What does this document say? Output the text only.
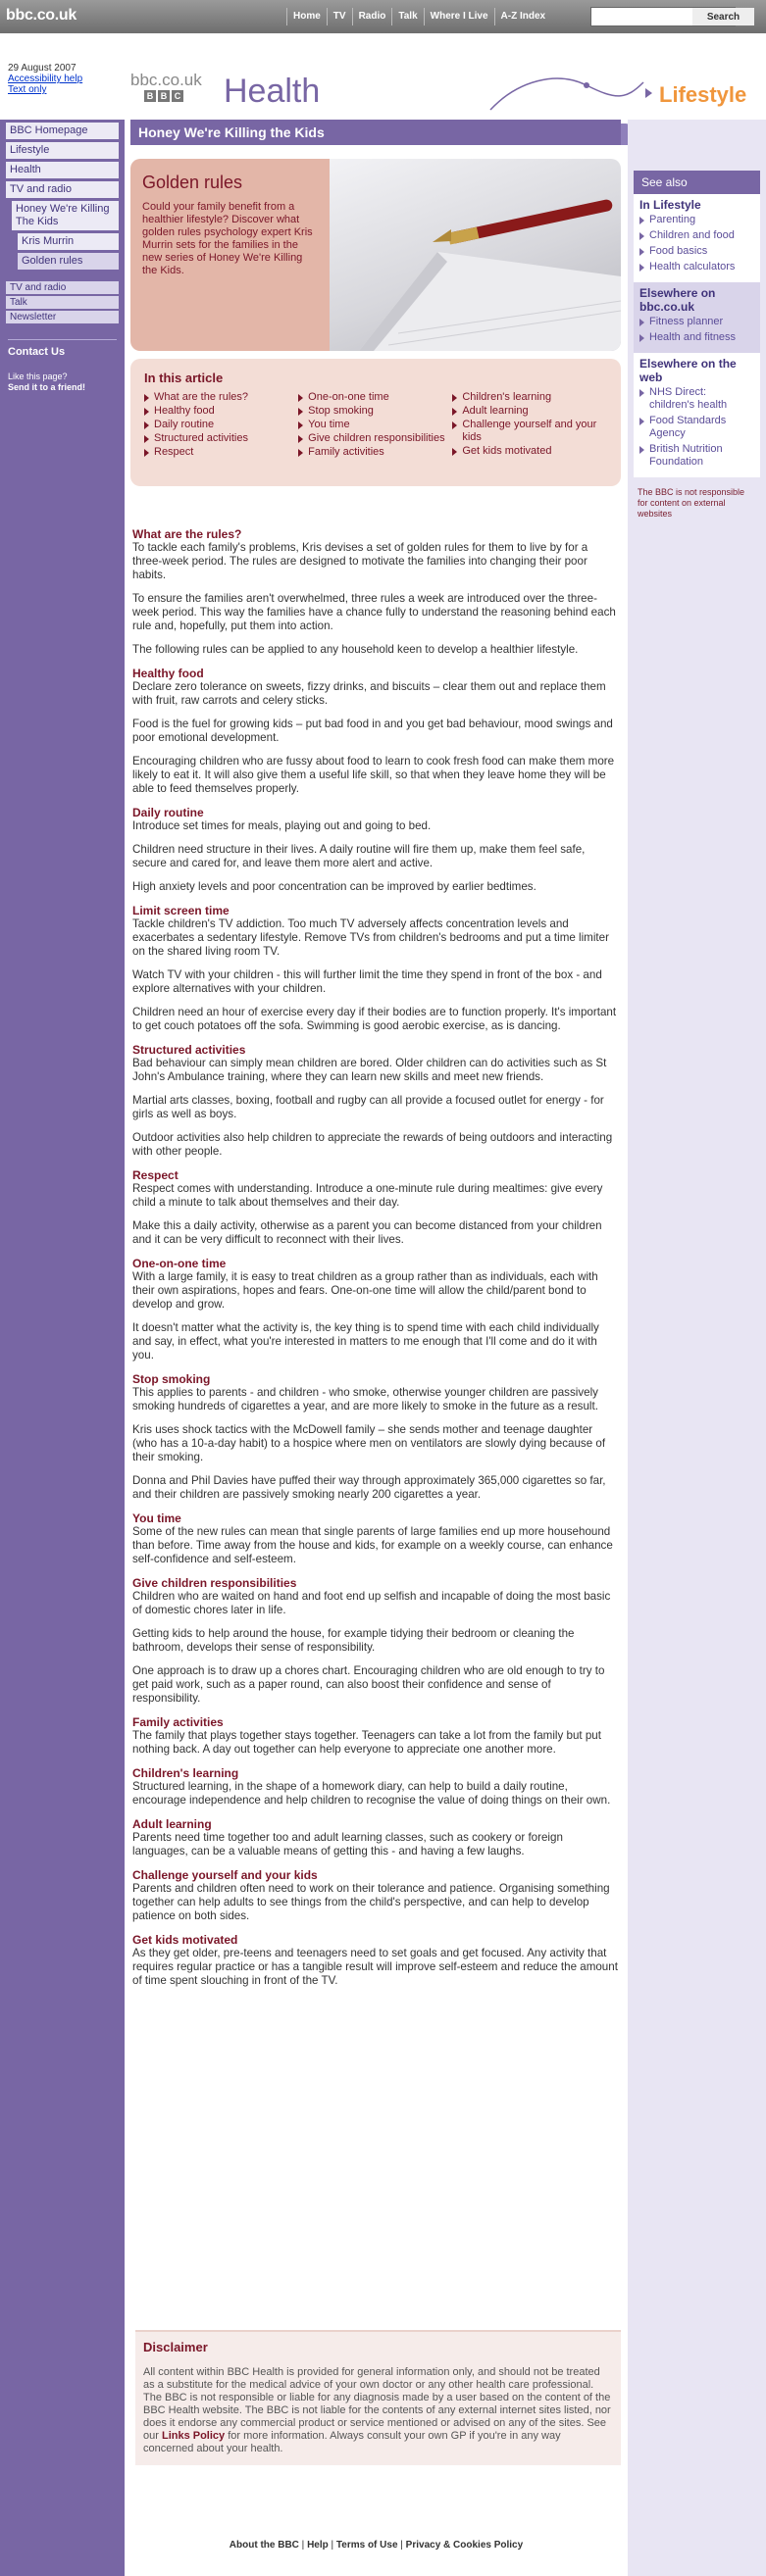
bbc.co.uk	Home	TV	Radio	Talk	Where I Live	A-Z Index	Search
29 August 2007
Accessibility help
Text only
bbc.co.uk
B B C Health	Lifestyle
BBC Homepage
Lifestyle
Health
TV and radio
Honey We're Killing The Kids
Kris Murrin
Golden rules
TV and radio
Talk
Newsletter
Contact Us
Like this page?
Send it to a friend!
Honey We're Killing the Kids
Golden rules

Could your family benefit from a healthier lifestyle? Discover what golden rules psychology expert Kris Murrin sets for the families in the new series of Honey We're Killing the Kids.

In this article
What are the rules?
Healthy food
Daily routine
Structured activities
Respect
One-on-one time
Stop smoking
You time
Give children responsibilities
Family activities
Children's learning
Adult learning
Challenge yourself and your kids
Get kids motivated
What are the rules?

To tackle each family's problems, Kris devises a set of golden rules for them to live by for a three-week period. The rules are designed to motivate the families into changing their poor habits.

To ensure the families aren't overwhelmed, three rules a week are introduced over the three-week period. This way the families have a chance fully to understand the reasoning behind each rule and, hopefully, put them into action.

The following rules can be applied to any household keen to develop a healthier lifestyle.

Healthy food

Declare zero tolerance on sweets, fizzy drinks, and biscuits – clear them out and replace them with fruit, raw carrots and celery sticks.

Food is the fuel for growing kids – put bad food in and you get bad behaviour, mood swings and poor emotional development.

Encouraging children who are fussy about food to learn to cook fresh food can make them more likely to eat it. It will also give them a useful life skill, so that when they leave home they will be able to feed themselves properly.

Daily routine

Introduce set times for meals, playing out and going to bed.

Children need structure in their lives. A daily routine will fire them up, make them feel safe, secure and cared for, and leave them more alert and active.

High anxiety levels and poor concentration can be improved by earlier bedtimes.

Limit screen time

Tackle children's TV addiction. Too much TV adversely affects concentration levels and exacerbates a sedentary lifestyle. Remove TVs from children's bedrooms and put a time limiter on the shared living room TV.

Watch TV with your children - this will further limit the time they spend in front of the box - and explore alternatives with your children.

Children need an hour of exercise every day if their bodies are to function properly. It's important to get couch potatoes off the sofa. Swimming is good aerobic exercise, as is dancing.

Structured activities

Bad behaviour can simply mean children are bored. Older children can do activities such as St John's Ambulance training, where they can learn new skills and meet new friends.

Martial arts classes, boxing, football and rugby can all provide a focused outlet for energy - for girls as well as boys.

Outdoor activities also help children to appreciate the rewards of being outdoors and interacting with other people.

Respect

Respect comes with understanding. Introduce a one-minute rule during mealtimes: give every child a minute to talk about themselves and their day.

Make this a daily activity, otherwise as a parent you can become distanced from your children and it can be very difficult to reconnect with their lives.

One-on-one time

With a large family, it is easy to treat children as a group rather than as individuals, each with their own aspirations, hopes and fears. One-on-one time will allow the child/parent bond to develop and grow.

It doesn't matter what the activity is, the key thing is to spend time with each child individually and say, in effect, what you're interested in matters to me enough that I'll come and do it with you.

Stop smoking

This applies to parents - and children - who smoke, otherwise younger children are passively smoking hundreds of cigarettes a year, and are more likely to smoke in the future as a result.

Kris uses shock tactics with the McDowell family – she sends mother and teenage daughter (who has a 10-a-day habit) to a hospice where men on ventilators are slowly dying because of their smoking.

Donna and Phil Davies have puffed their way through approximately 365,000 cigarettes so far, and their children are passively smoking nearly 200 cigarettes a year.

You time

Some of the new rules can mean that single parents of large families end up more househound than before. Time away from the house and kids, for example on a weekly course, can enhance self-confidence and self-esteem.

Give children responsibilities

Children who are waited on hand and foot end up selfish and incapable of doing the most basic of domestic chores later in life.

Getting kids to help around the house, for example tidying their bedroom or cleaning the bathroom, develops their sense of responsibility.

One approach is to draw up a chores chart. Encouraging children who are old enough to try to get paid work, such as a paper round, can also boost their confidence and sense of responsibility.

Family activities

The family that plays together stays together. Teenagers can take a lot from the family but put nothing back. A day out together can help everyone to appreciate one another more.

Children's learning

Structured learning, in the shape of a homework diary, can help to build a daily routine, encourage independence and help children to recognise the value of doing things on their own.

Adult learning

Parents need time together too and adult learning classes, such as cookery or foreign languages, can be a valuable means of getting this - and having a few laughs.

Challenge yourself and your kids

Parents and children often need to work on their tolerance and patience. Organising something together can help adults to see things from the child's perspective, and can help to develop patience on both sides.

Get kids motivated

As they get older, pre-teens and teenagers need to set goals and get focused. Any activity that requires regular practice or has a tangible result will improve self-esteem and reduce the amount of time spent slouching in front of the TV.

See also
In Lifestyle
Parenting
Children and food
Food basics
Health calculators
Elsewhere on bbc.co.uk
Fitness planner
Health and fitness
Elsewhere on the web
NHS Direct: children's health
Food Standards Agency
British Nutrition Foundation
The BBC is not responsible for content on external websites
Disclaimer

All content within BBC Health is provided for general information only, and should not be treated as a substitute for the medical advice of your own doctor or any other health care professional. The BBC is not responsible or liable for any diagnosis made by a user based on the content of the BBC Health website. The BBC is not liable for the contents of any external internet sites listed, nor does it endorse any commercial product or service mentioned or advised on any of the sites. See our Links Policy for more information. Always consult your own GP if you're in any way concerned about your health.

About the BBC | Help | Terms of Use | Privacy & Cookies Policy
